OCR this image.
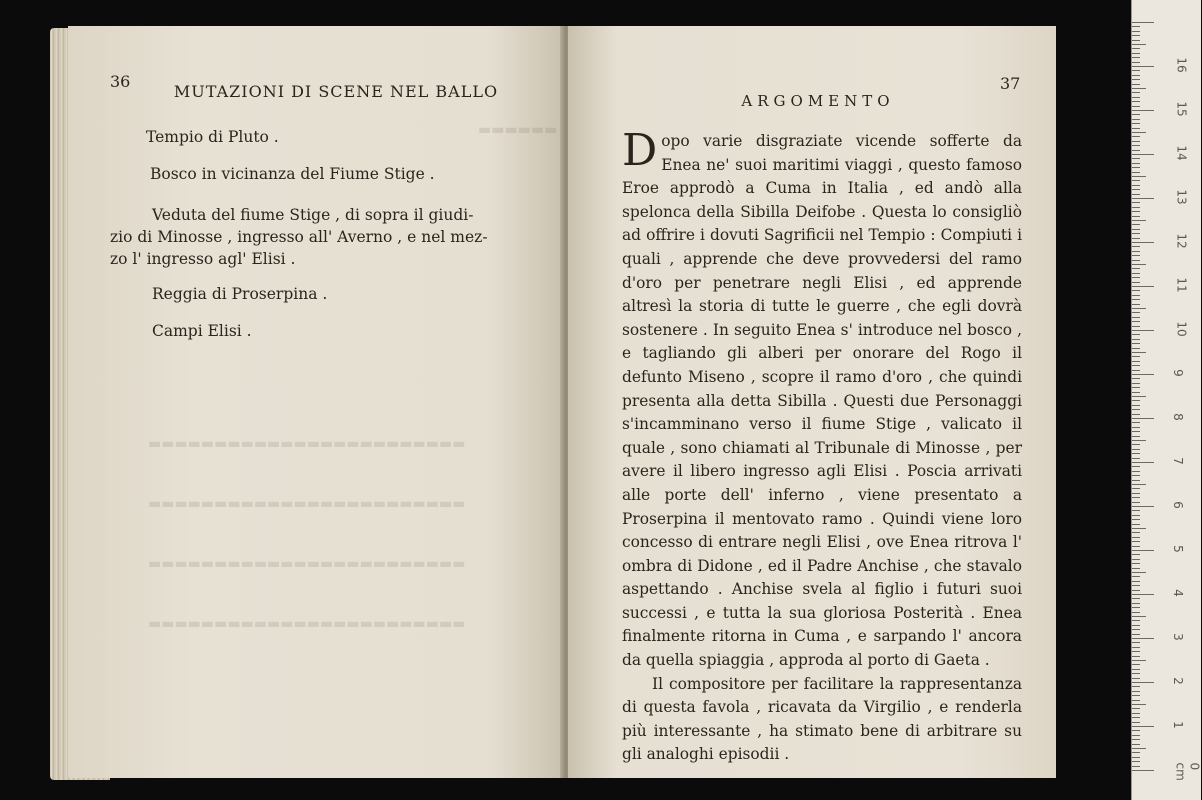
▬▬▬▬▬▬
▬▬▬▬▬▬▬▬▬▬▬▬▬▬▬▬▬▬▬▬▬▬▬▬
▬▬▬▬▬▬▬▬▬▬▬▬▬▬▬▬▬▬▬▬▬▬▬▬
▬▬▬▬▬▬▬▬▬▬▬▬▬▬▬▬▬▬▬▬▬▬▬▬
▬▬▬▬▬▬▬▬▬▬▬▬▬▬▬▬▬▬▬▬▬▬▬▬
36
MUTAZIONI DI SCENE NEL BALLO
Tempio di Pluto .
Bosco in vicinanza del Fiume Stige .
Veduta del fiume Stige , di sopra il giudi-
zio di Minosse , ingresso all' Averno , e nel mez-
zo l' ingresso agl' Elisi .
Reggia di Proserpina .
Campi Elisi .
37
ARGOMENTO

Dopo varie disgraziate vicende sofferte da Enea ne' suoi maritimi viaggi , questo famoso Eroe approdò a Cuma in Italia , ed andò alla spelonca della Sibilla Deifobe . Questa lo consigliò ad offrire i dovuti Sagrificii nel Tempio : Compiuti i quali , apprende che deve provvedersi del ramo d'oro per penetrare negli Elisi , ed apprende altresì la storia di tutte le guerre , che egli dovrà sostenere . In seguito Enea s' introduce nel bosco , e tagliando gli alberi per onorare del Rogo il defunto Miseno , scopre il ramo d'oro , che quindi presenta alla detta Sibilla . Questi due Personaggi s'incamminano verso il fiume Stige , valicato il quale , sono chiamati al Tribunale di Minosse , per avere il libero ingresso agli Elisi . Poscia arrivati alle porte dell' inferno , viene presentato a Proserpina il mentovato ramo . Quindi viene loro concesso di entrare negli Elisi , ove Enea ritrova l' ombra di Didone , ed il Padre Anchise , che stavalo aspettando . Anchise svela al figlio i futuri suoi successi , e tutta la sua gloriosa Posterità . Enea finalmente ritorna in Cuma , e sarpando l' ancora da quella spiaggia , approda al porto di Gaeta .

Il compositore per facilitare la rappresentanza di questa favola , ricavata da Virgilio , e renderla più interessante , ha stimato bene di arbitrare su gli analoghi episodii .

0 cm
1
2
3
4
5
6
7
8
9
10
11
12
13
14
15
16
